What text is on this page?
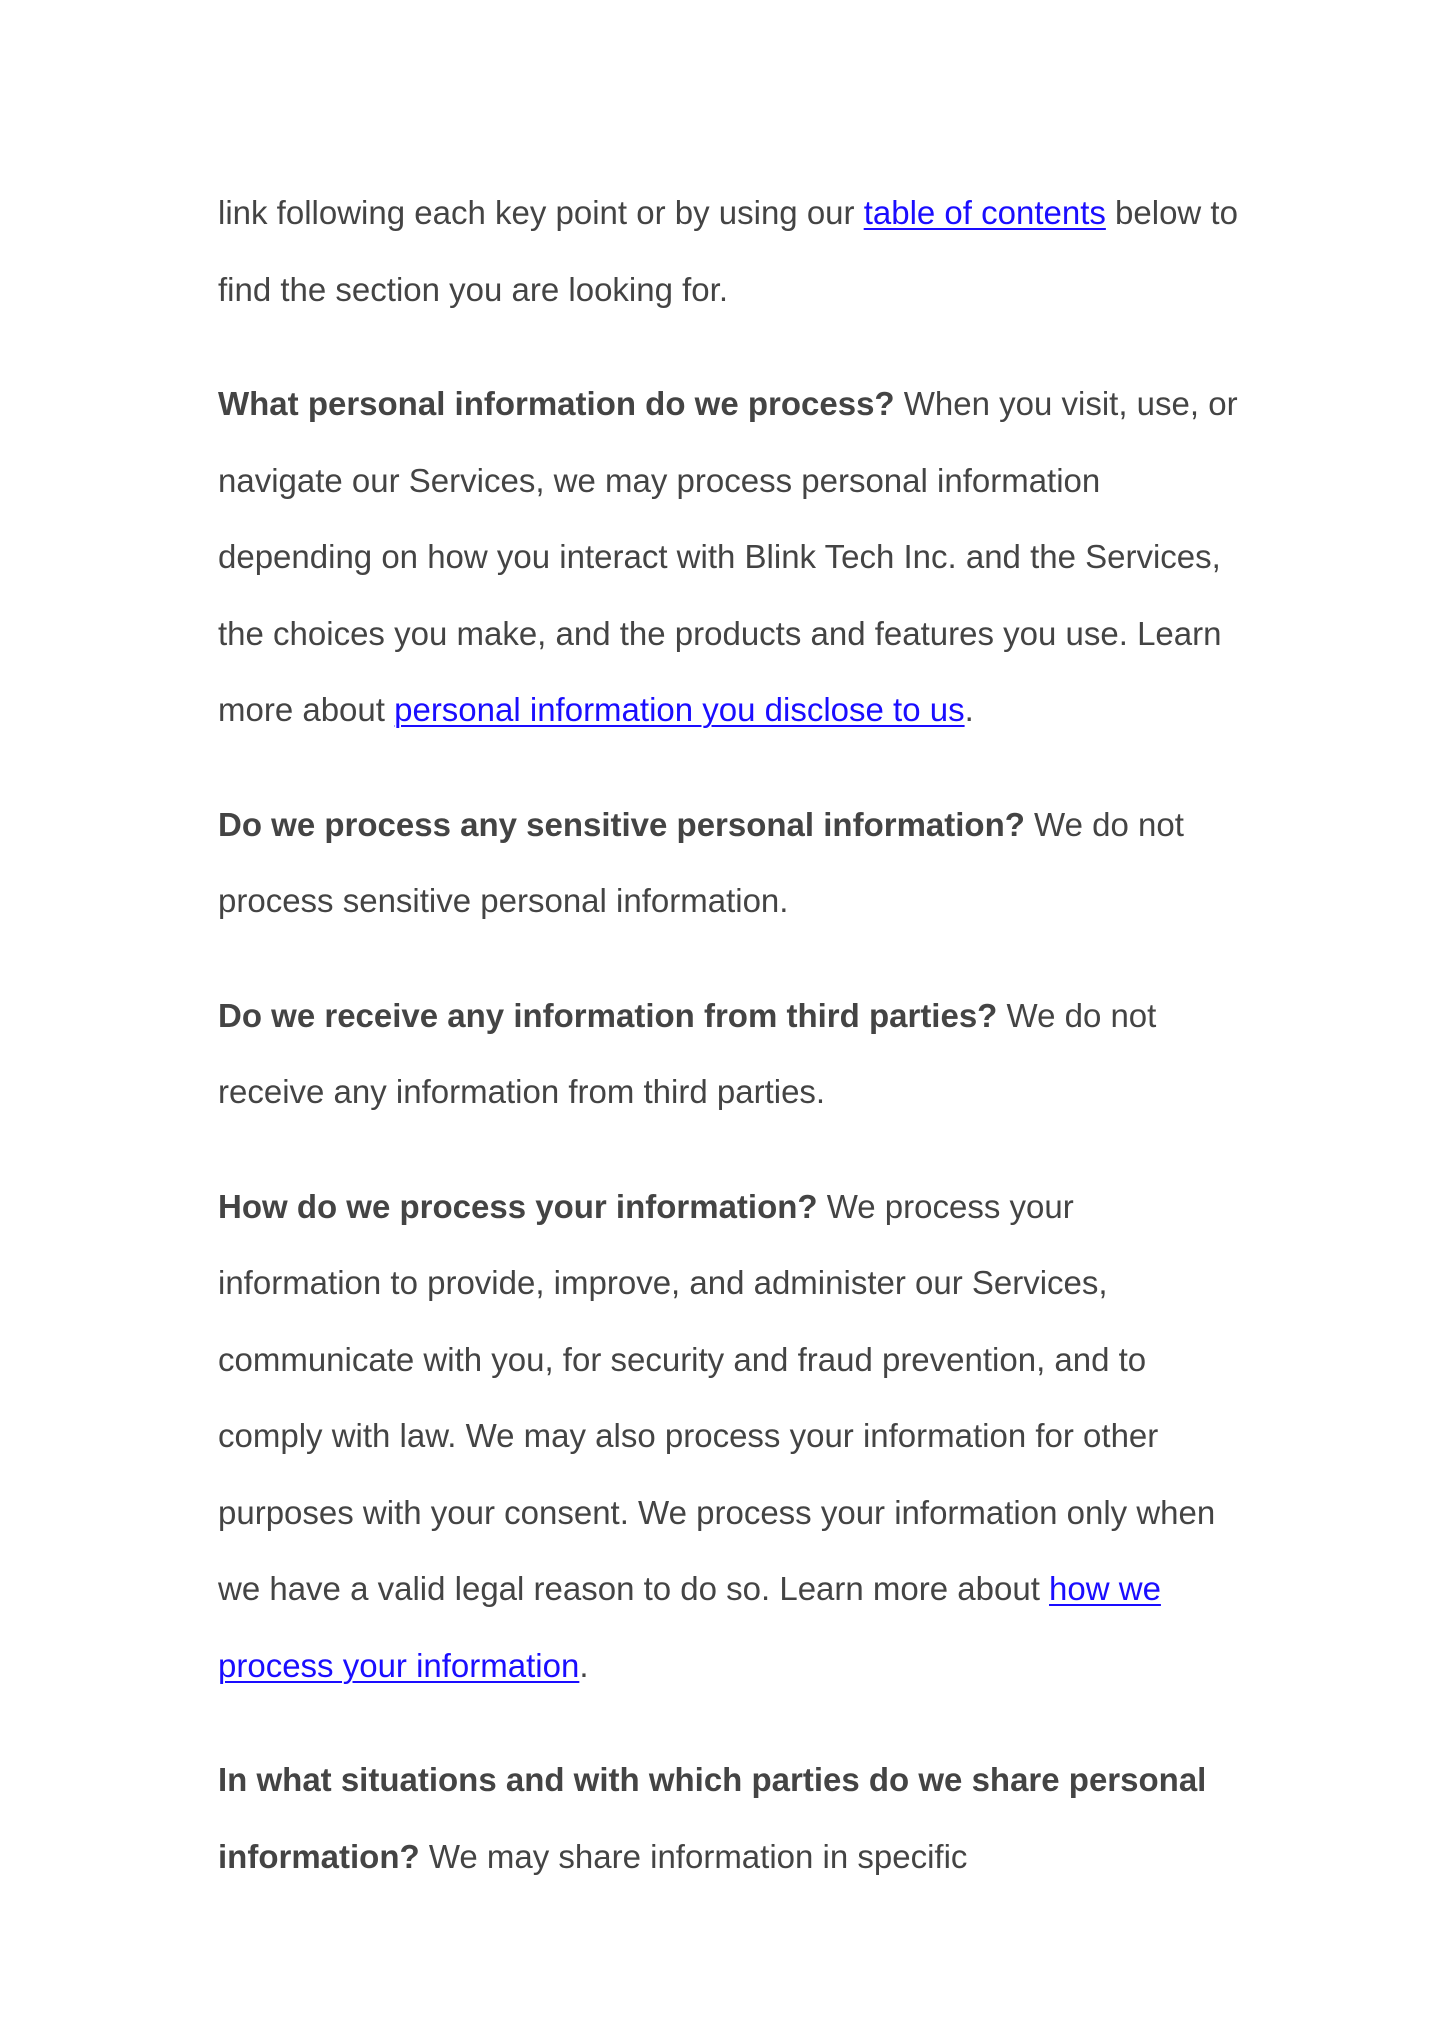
link following each key point or by using our table of contents below to find the section you are looking for.

What personal information do we process? When you visit, use, or navigate our Services, we may process personal information depending on how you interact with Blink Tech Inc. and the Services, the choices you make, and the products and features you use. Learn more about personal information you disclose to us.

Do we process any sensitive personal information? We do not process sensitive personal information.

Do we receive any information from third parties? We do not receive any information from third parties.

How do we process your information? We process your information to provide, improve, and administer our Services, communicate with you, for security and fraud prevention, and to comply with law. We may also process your information for other purposes with your consent. We process your information only when we have a valid legal reason to do so. Learn more about how we process your information.

In what situations and with which parties do we share personal information? We may share information in specific
